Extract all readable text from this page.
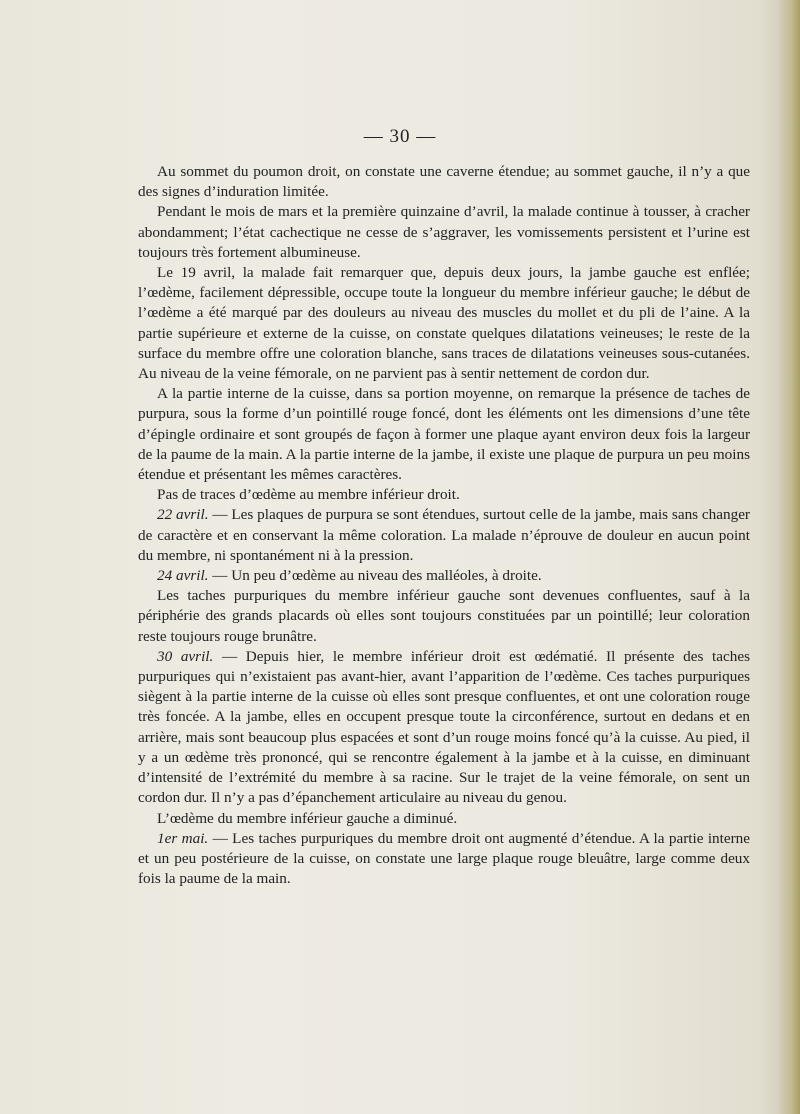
— 30 —

Au sommet du poumon droit, on constate une caverne étendue; au sommet gauche, il n’y a que des signes d’induration limitée.

Pendant le mois de mars et la première quinzaine d’avril, la malade continue à tousser, à cracher abondamment; l’état cachectique ne cesse de s’aggraver, les vomissements persistent et l’urine est toujours très fortement albumineuse.

Le 19 avril, la malade fait remarquer que, depuis deux jours, la jambe gauche est enflée; l’œdème, facilement dépressible, occupe toute la longueur du membre inférieur gauche; le début de l’œdème a été marqué par des douleurs au niveau des muscles du mollet et du pli de l’aine. A la partie supérieure et externe de la cuisse, on constate quelques dilatations veineuses; le reste de la surface du membre offre une coloration blanche, sans traces de dilatations veineuses sous-cutanées. Au niveau de la veine fémorale, on ne parvient pas à sentir nettement de cordon dur.

A la partie interne de la cuisse, dans sa portion moyenne, on remarque la présence de taches de purpura, sous la forme d’un pointillé rouge foncé, dont les éléments ont les dimensions d’une tête d’épingle ordinaire et sont groupés de façon à former une plaque ayant environ deux fois la largeur de la paume de la main. A la partie interne de la jambe, il existe une plaque de purpura un peu moins étendue et présentant les mêmes caractères.

Pas de traces d’œdème au membre inférieur droit.

22 avril. — Les plaques de purpura se sont étendues, surtout celle de la jambe, mais sans changer de caractère et en conservant la même coloration. La malade n’éprouve de douleur en aucun point du membre, ni spontanément ni à la pression.

24 avril. — Un peu d’œdème au niveau des malléoles, à droite.

Les taches purpuriques du membre inférieur gauche sont devenues confluentes, sauf à la périphérie des grands placards où elles sont toujours constituées par un pointillé; leur coloration reste toujours rouge brunâtre.

30 avril. — Depuis hier, le membre inférieur droit est œdématié. Il présente des taches purpuriques qui n’existaient pas avant-hier, avant l’apparition de l’œdème. Ces taches purpuriques siègent à la partie interne de la cuisse où elles sont presque confluentes, et ont une coloration rouge très foncée. A la jambe, elles en occupent presque toute la circonférence, surtout en dedans et en arrière, mais sont beaucoup plus espacées et sont d’un rouge moins foncé qu’à la cuisse. Au pied, il y a un œdème très prononcé, qui se rencontre également à la jambe et à la cuisse, en diminuant d’intensité de l’extrémité du membre à sa racine. Sur le trajet de la veine fémorale, on sent un cordon dur. Il n’y a pas d’épanchement articulaire au niveau du genou.

L’œdème du membre inférieur gauche a diminué.

1er mai. — Les taches purpuriques du membre droit ont augmenté d’étendue. A la partie interne et un peu postérieure de la cuisse, on constate une large plaque rouge bleuâtre, large comme deux fois la paume de la main.
